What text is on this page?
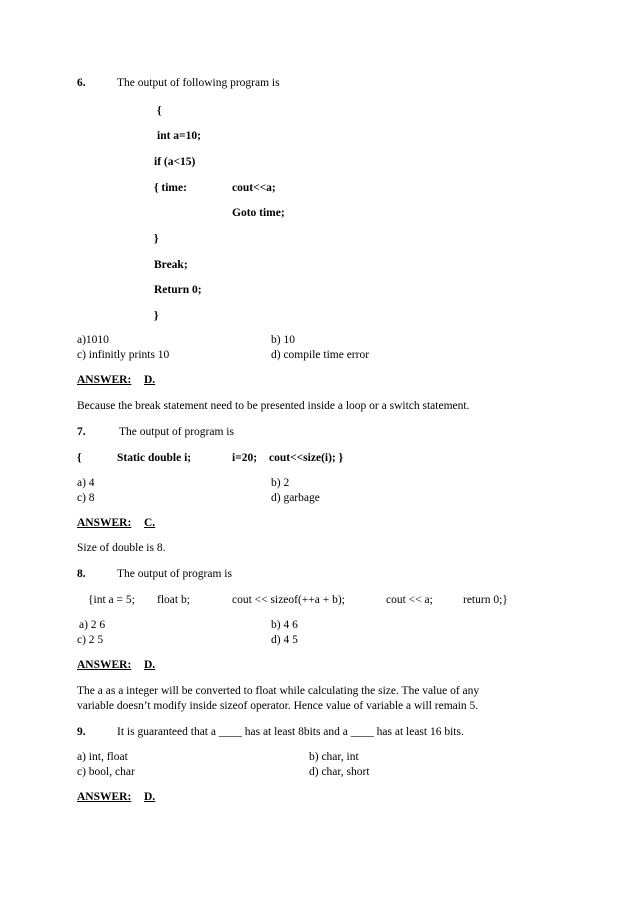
6.	The output of following program is
{
int a=10;
if (a<15)
{ time:	cout<<a;
Goto time;
}
Break;
Return 0;
}
a)1010	b) 10
c) infinitly prints 10	d) compile time error
ANSWER: D.
Because the break statement need to be presented inside a loop or a switch statement.
7.	The output of program is
{	Static double i;	i=20; cout<<size(i); }
a) 4	b) 2
c) 8	d) garbage
ANSWER: C.
Size of double is 8.
8.	The output of program is
{int a = 5; float b;	cout << sizeof(++a + b);	cout << a;	return 0;}
a) 2 6	b) 4 6
c) 2 5	d) 4 5
ANSWER: D.
The a as a integer will be converted to float while calculating the size. The value of any
variable doesn’t modify inside sizeof operator. Hence value of variable a will remain 5.
9.	It is guaranteed that a ____ has at least 8bits and a ____ has at least 16 bits.
a) int, float	b) char, int
c) bool, char	d) char, short
ANSWER: D.
